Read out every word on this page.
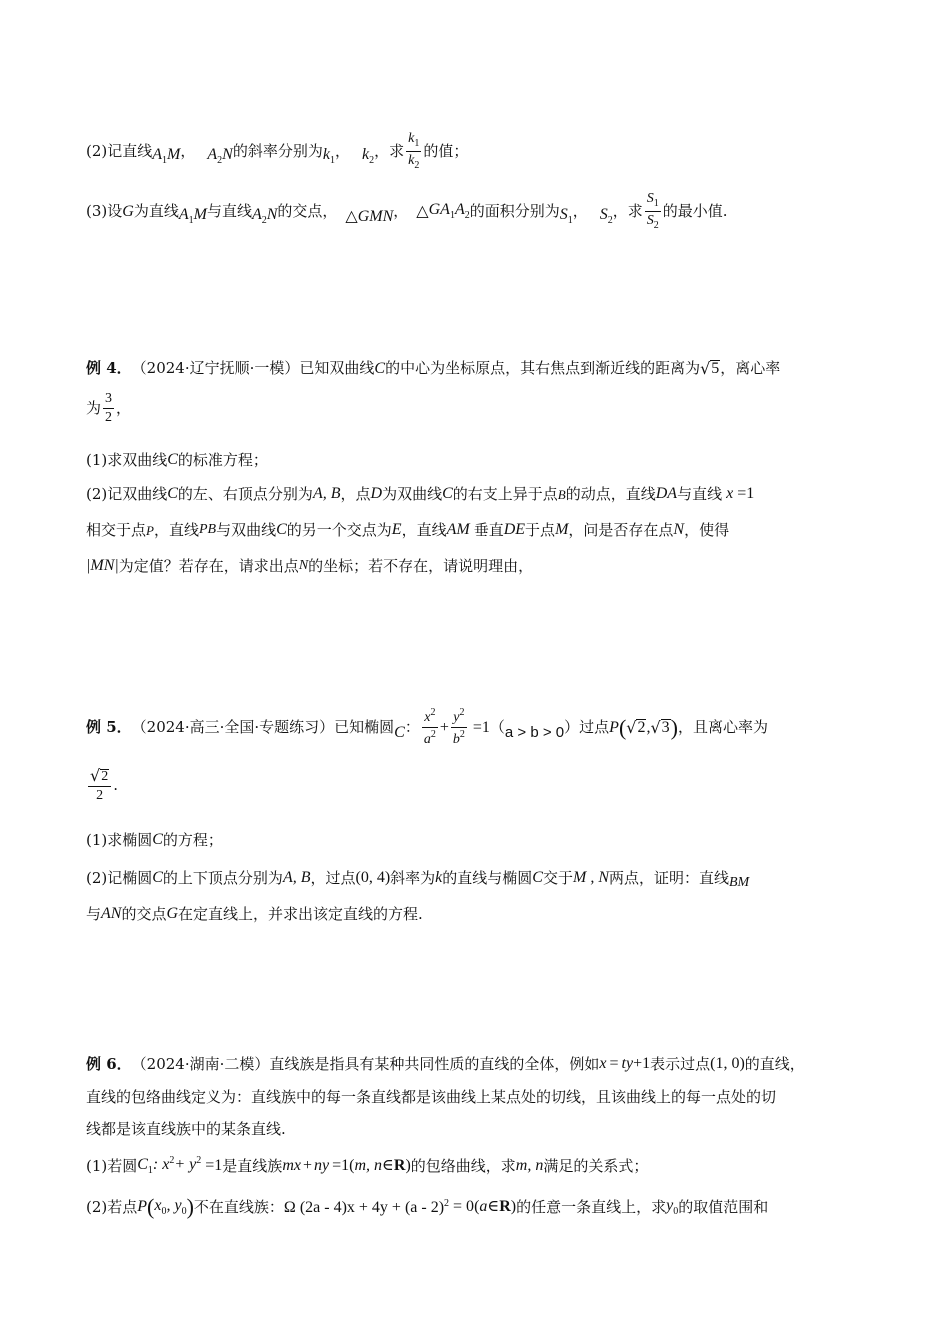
(2)记直线 $A_1M$ ， $A_2N$ 的斜率分别为 $k_1$
， $k_2$
，求 $\frac{k_1}{k_2}$ 的值；
(3)设 G 为直线 $A_1M$ 与直线 $A_2N$ 的交点， △GMN ， △ $GA_1A_2$ 的面积分别为 $S_1$
， $S_2$
，求 $\frac{S_1}{S_2}$ 的最小值.
例 4． （2024·辽宁抚顺·一模）已知双曲线 C 的中心为坐标原点，其右焦点到渐近线的距离为 √ 5 ，离心率
为 $\frac{3}{2}$ ，
(1)求双曲线 C 的标准方程；
(2)记双曲线 C 的左、右顶点分别为 A, B ，点 D 为双曲线 C 的右支上异于点 B 的动点，直线 DA 与直线 x =1
相交于点 P ，直线 PB 与双曲线 C 的另一个交点为 E ，直线 AM 垂直 DE 于点 M ，问是否存在点 N ，使得
|MN| 为定值？若存在，请求出点 N 的坐标；若不存在，请说明理由，
例 5． （2024·高三·全国·专题练习）已知椭圆 C ： $\frac{x^2}{a^2} + \frac{y^2}{b^2} =1$ （ a > b > 0 ）过点 P ( √ 2 , √ 3 ) ，且离心率为
$\frac{√ 2}{2}$ .
(1)求椭圆 C 的方程；
(2)记椭圆 C 的上下顶点分别为 A, B ，过点 (0, 4) 斜率为 k 的直线与椭圆 C 交于 M , N 两点，证明：直线 BM
与 AN 的交点 G 在定直线上，并求出该定直线的方程.
例 6． （2024·湖南·二模）直线族是指具有某种共同性质的直线的全体，例如 x = ty +1 表示过点 (1, 0) 的直线，
直线的包络曲线定义为：直线族中的每一条直线都是该曲线上某点处的切线，且该曲线上的每一点处的切
线都是该直线族中的某条直线.
(1)若圆 $C_1$: $x^2+ y^2 =1$ 是直线族 mx + ny =1 ( m, n ∈ R ) 的包络曲线，求 m, n 满足的关系式；
(2)若点 P ( $x_0$, $y_0$ ) 不在直线族： Ω (2a - 4)x + 4y + (a - 2)$^2$ = 0 ( a ∈ R ) 的任意一条直线上，求 $y_0$ 的取值范围和
